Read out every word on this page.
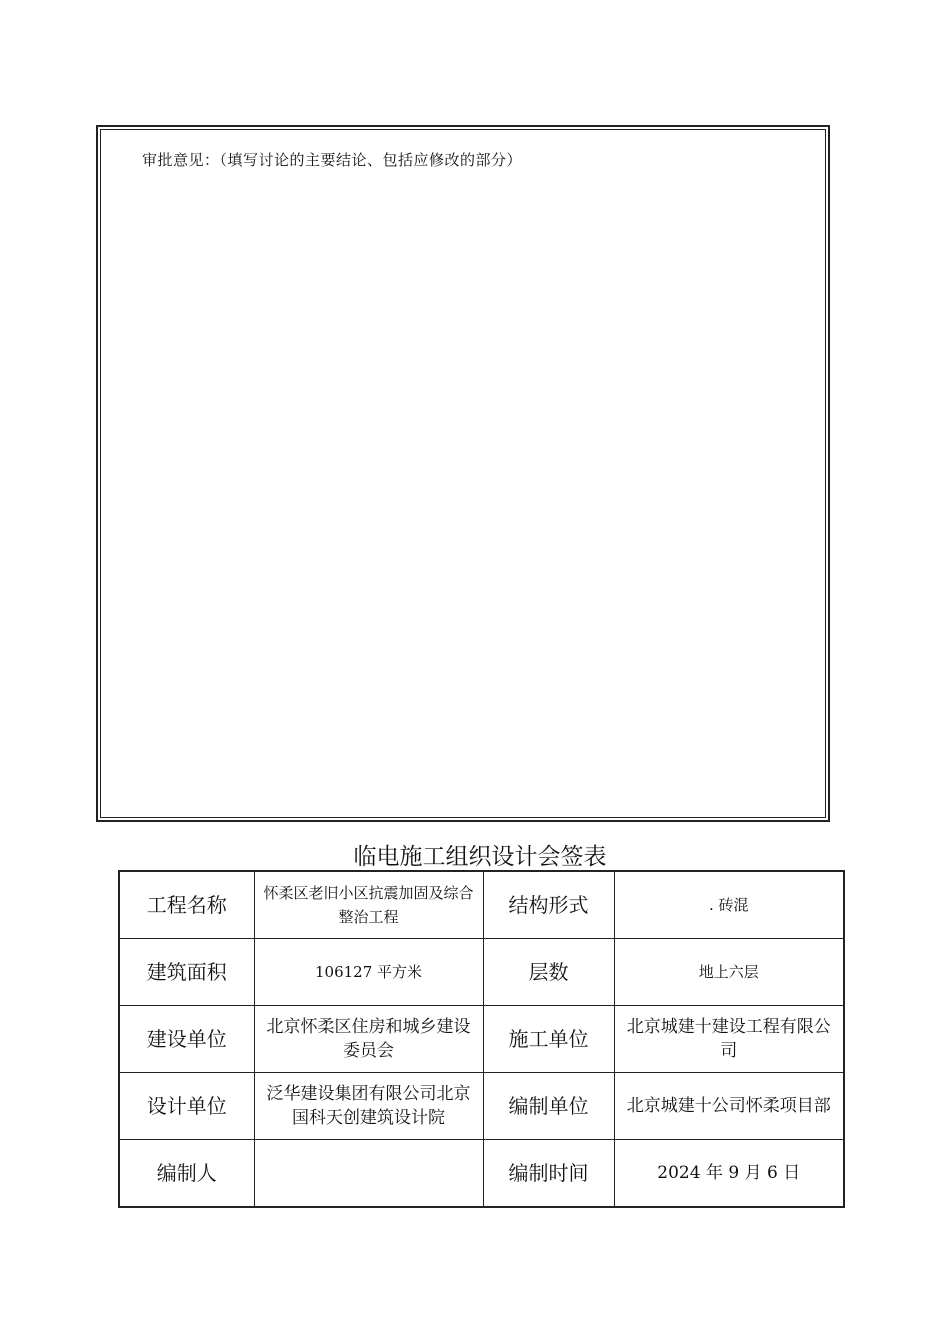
审批意见：（填写讨论的主要结论、包括应修改的部分）
临电施工组织设计会签表
工程名称	怀柔区老旧小区抗震加固及综合整治工程	结构形式	. 砖混
建筑面积	106127 平方米	层数	地上六层
建设单位	北京怀柔区住房和城乡建设委员会	施工单位	北京城建十建设工程有限公司
设计单位	泛华建设集团有限公司北京国科天创建筑设计院	编制单位	北京城建十公司怀柔项目部
编制人		编制时间	2024 年 9 月 6 日
